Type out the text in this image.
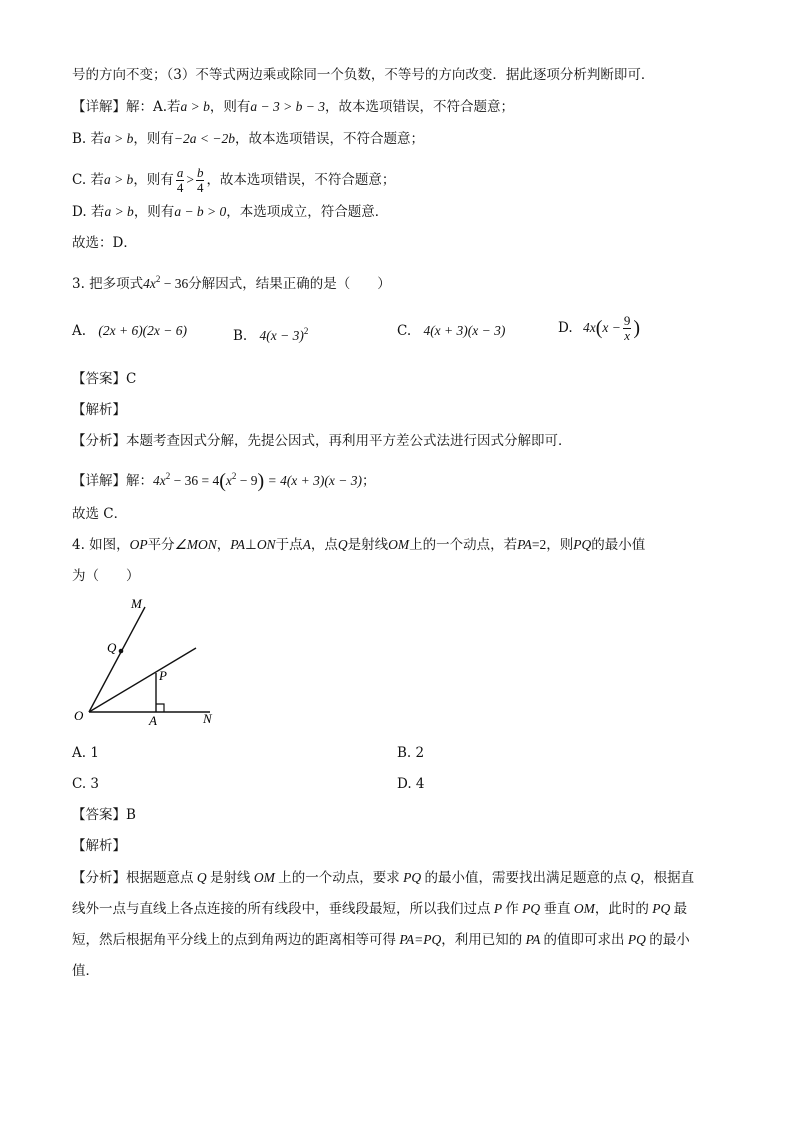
号的方向不变；（3）不等式两边乘或除同一个负数，不等号的方向改变．据此逐项分析判断即可．
【详解】解：A.若a > b，则有a − 3 > b − 3，故本选项错误，不符合题意；
B. 若a > b，则有−2a < −2b，故本选项错误，不符合题意；
C. 若a > b，则有 $\frac{a}{4} > \frac{b}{4}$ ，故本选项错误，不符合题意；
D. 若a > b，则有a − b > 0，本选项成立，符合题意．
故选：D．
3. 把多项式$4x^2 - 36$分解因式，结果正确的是（　　）
A. (2x + 6)(2x − 6)	B. $4(x - 3)^2$	C. 4(x + 3)(x − 3)	D. $4x(x - \frac{9}{x}$ )
【答案】C
【解析】
【分析】本题考查因式分解，先提公因式，再利用平方差公式法进行因式分解即可．
【详解】解：$4x^2 - 36 = 4(x^2 - 9) = 4(x + 3)(x - 3)$；
故选 C．
4. 如图，OP平分∠MON，PA⊥ON于点A，点Q是射线OM上的一个动点，若PA=2，则PQ的最小值
为（　　）
M
Q
P
O	A	N
A. 1	B. 2
C. 3	D. 4
【答案】B
【解析】
【分析】根据题意点 Q 是射线 OM 上的一个动点，要求 PQ 的最小值，需要找出满足题意的点 Q，根据直
线外一点与直线上各点连接的所有线段中，垂线段最短，所以我们过点 P 作 PQ 垂直 OM，此时的 PQ 最
短，然后根据角平分线上的点到角两边的距离相等可得 PA=PQ，利用已知的 PA 的值即可求出 PQ 的最小
值．
